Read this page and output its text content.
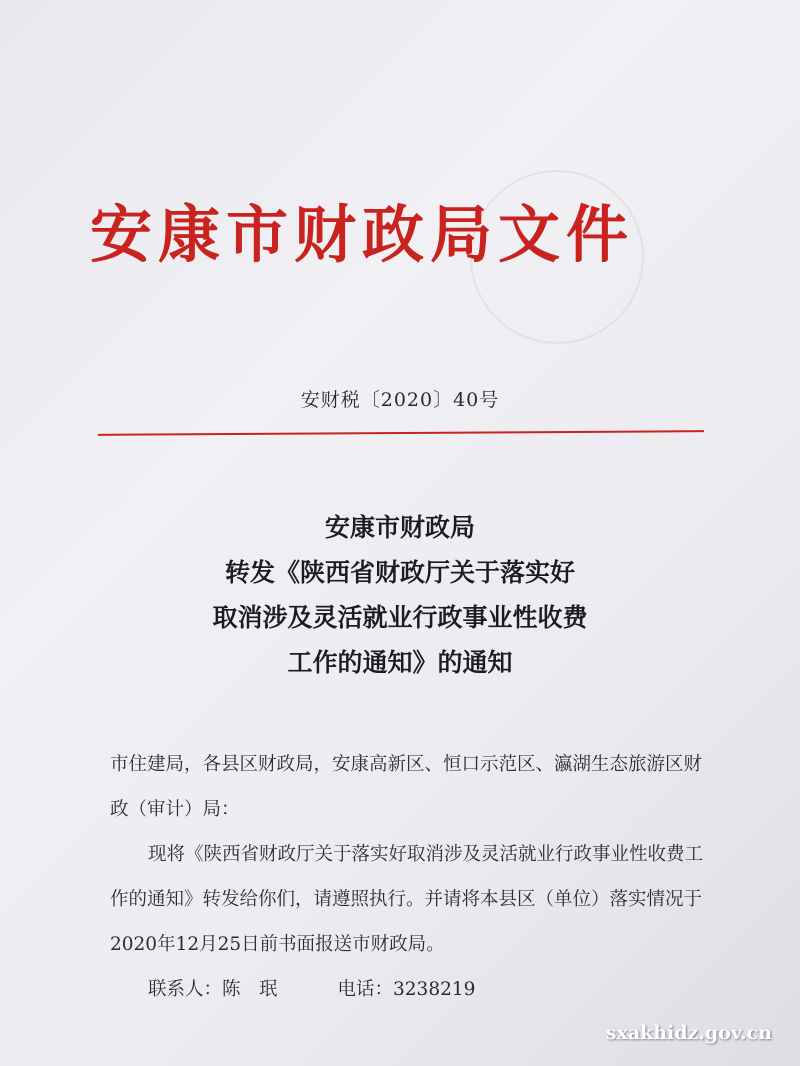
安康市财政局文件
安财税〔2020〕40号
安康市财政局
转发《陕西省财政厅关于落实好
取消涉及灵活就业行政事业性收费
工作的通知》的通知

市住建局，各县区财政局，安康高新区、恒口示范区、瀛湖生态旅游区财政（审计）局：

现将《陕西省财政厅关于落实好取消涉及灵活就业行政事业性收费工作的通知》转发给你们，请遵照执行。并请将本县区（单位）落实情况于2020年12月25日前书面报送市财政局。

联系人：陈　珉	电话：3238219

sxakhidz.gov.cn
